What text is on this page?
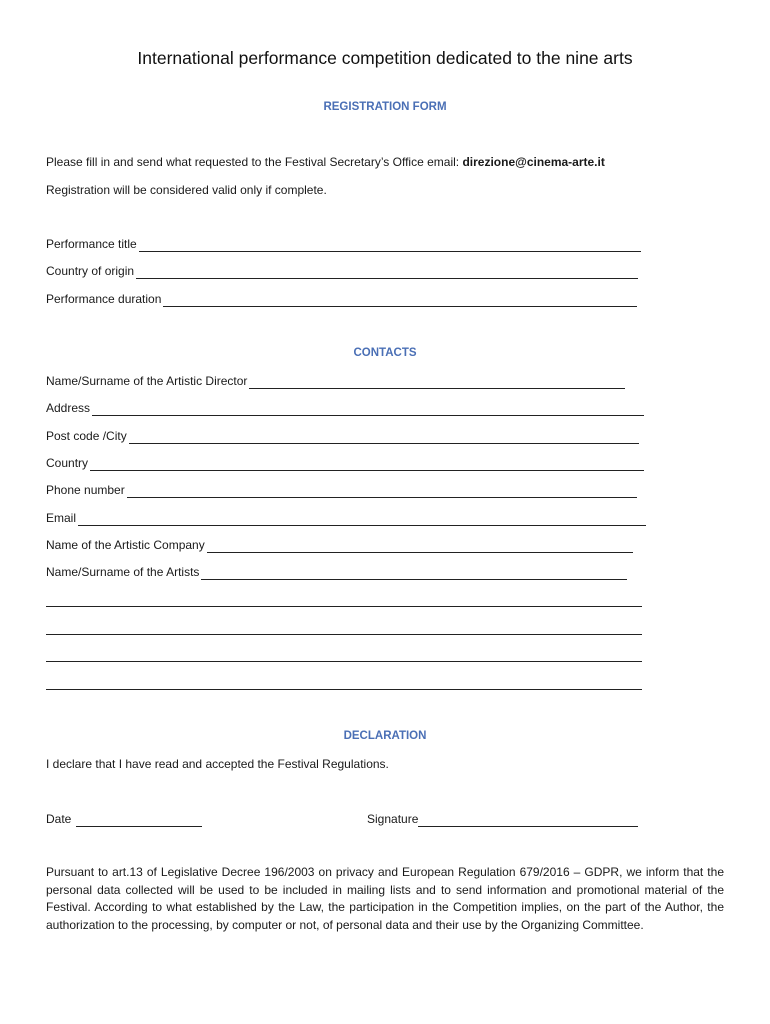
International performance competition dedicated to the nine arts
REGISTRATION FORM
Please fill in and send what requested to the Festival Secretary’s Office email: direzione@cinema-arte.it
Registration will be considered valid only if complete.
Performance title
Country of origin
Performance duration
CONTACTS
Name/Surname of the Artistic Director
Address
Post code /City
Country
Phone number
Email
Name of the Artistic Company
Name/Surname of the Artists
DECLARATION
I declare that I have read and accepted the Festival Regulations.
Date	Signature
Pursuant to art.13 of Legislative Decree 196/2003 on privacy and European Regulation 679/2016 – GDPR, we inform that the personal data collected will be used to be included in mailing lists and to send information and promotional material of the Festival. According to what established by the Law, the participation in the Competition implies, on the part of the Author, the authorization to the processing, by computer or not, of personal data and their use by the Organizing Committee.
